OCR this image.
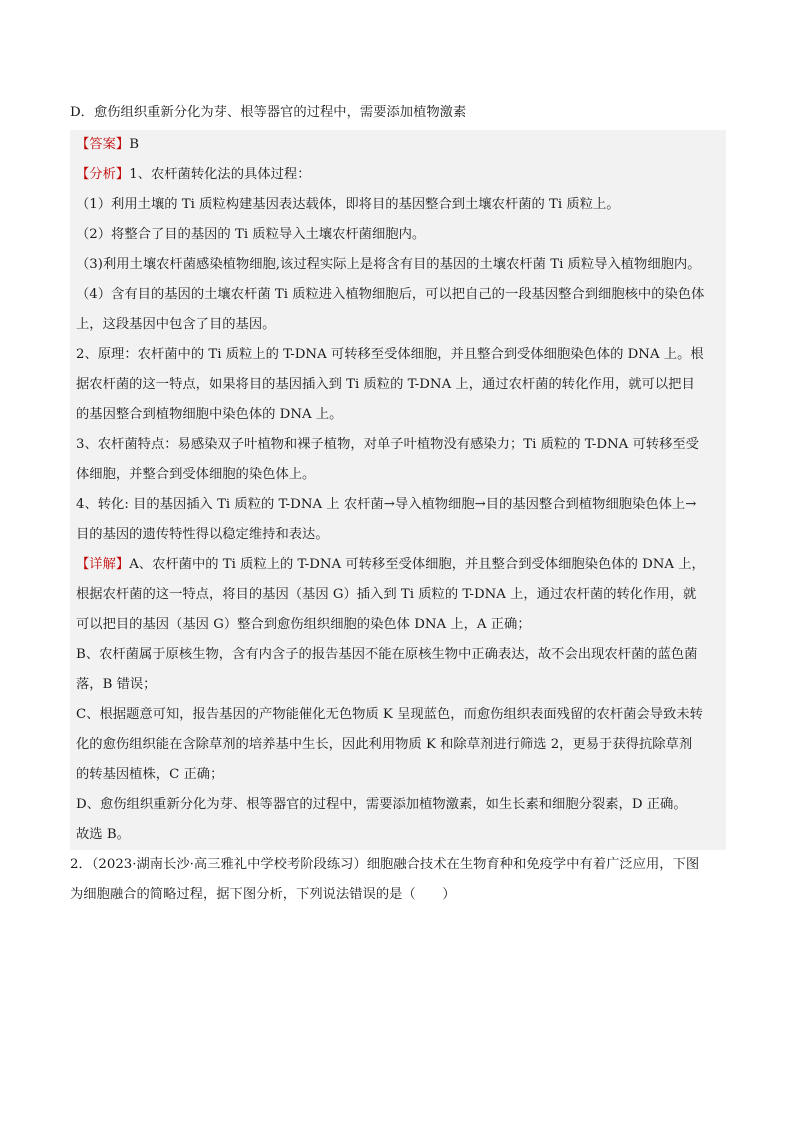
D．愈伤组织重新分化为芽、根等器官的过程中，需要添加植物激素
【答案】B
【分析】1、农杆菌转化法的具体过程：
（1）利用土壤的 Ti 质粒构建基因表达载体，即将目的基因整合到土壤农杆菌的 Ti 质粒上。
（2）将整合了目的基因的 Ti 质粒导入土壤农杆菌细胞内。
（3)利用土壤农杆菌感染植物细胞,该过程实际上是将含有目的基因的土壤农杆菌 Ti 质粒导入植物细胞内。
（4）含有目的基因的土壤农杆菌 Ti 质粒进入植物细胞后，可以把自己的一段基因整合到细胞核中的染色体
上，这段基因中包含了目的基因。
2、原理：农杆菌中的 Ti 质粒上的 T-DNA 可转移至受体细胞，并且整合到受体细胞染色体的 DNA 上。根
据农杆菌的这一特点，如果将目的基因插入到 Ti 质粒的 T-DNA 上，通过农杆菌的转化作用，就可以把目
的基因整合到植物细胞中染色体的 DNA 上。
3、农杆菌特点：易感染双子叶植物和裸子植物，对单子叶植物没有感染力；Ti 质粒的 T-DNA 可转移至受
体细胞，并整合到受体细胞的染色体上。
4、转化: 目的基因插入 Ti 质粒的 T-DNA 上 农杆菌→导入植物细胞→目的基因整合到植物细胞染色体上→
目的基因的遗传特性得以稳定维持和表达。
【详解】A、农杆菌中的 Ti 质粒上的 T-DNA 可转移至受体细胞，并且整合到受体细胞染色体的 DNA 上，
根据农杆菌的这一特点，将目的基因（基因 G）插入到 Ti 质粒的 T-DNA 上，通过农杆菌的转化作用，就
可以把目的基因（基因 G）整合到愈伤组织细胞的染色体 DNA 上，A 正确；
B、农杆菌属于原核生物，含有内含子的报告基因不能在原核生物中正确表达，故不会出现农杆菌的蓝色菌
落，B 错误；
C、根据题意可知，报告基因的产物能催化无色物质 K 呈现蓝色，而愈伤组织表面残留的农杆菌会导致未转
化的愈伤组织能在含除草剂的培养基中生长，因此利用物质 K 和除草剂进行筛选 2，更易于获得抗除草剂
的转基因植株，C 正确；
D、愈伤组织重新分化为芽、根等器官的过程中，需要添加植物激素，如生长素和细胞分裂素，D 正确。
故选 B。
2．（2023·湖南长沙·高三雅礼中学校考阶段练习）细胞融合技术在生物育种和免疫学中有着广泛应用，下图
为细胞融合的简略过程，据下图分析，下列说法错误的是（　　）
